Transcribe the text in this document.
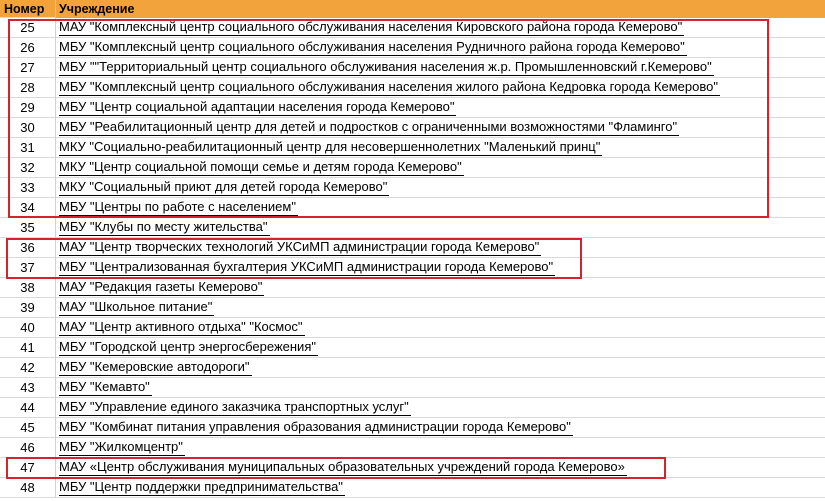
Номер	Учреждение
25	МАУ "Комплексный центр социального обслуживания населения Кировского района города Кемерово"
26	МБУ "Комплексный центр социального обслуживания населения Рудничного района города Кемерово"
27	МБУ ""Территориальный центр социального обслуживания населения ж.р. Промышленновский г.Кемерово"
28	МБУ "Комплексный центр социального обслуживания населения жилого района Кедровка города Кемерово"
29	МБУ "Центр социальной адаптации населения города Кемерово"
30	МБУ "Реабилитационный центр для детей и подростков с ограниченными возможностями "Фламинго"
31	МКУ "Социально-реабилитационный центр для несовершеннолетних "Маленький принц"
32	МКУ "Центр социальной помощи семье и детям города Кемерово"
33	МКУ "Социальный приют для детей города Кемерово"
34	МБУ "Центры по работе с населением"
35	МБУ "Клубы по месту жительства"
36	МАУ "Центр творческих технологий УКСиМП администрации города Кемерово"
37	МБУ "Централизованная бухгалтерия УКСиМП администрации города Кемерово"
38	МАУ "Редакция газеты Кемерово"
39	МАУ "Школьное питание"
40	МАУ "Центр активного отдыха" "Космос"
41	МБУ "Городской центр энергосбережения"
42	МБУ "Кемеровские автодороги"
43	МБУ "Кемавто"
44	МБУ "Управление единого заказчика транспортных услуг"
45	МБУ "Комбинат питания управления образования администрации города Кемерово"
46	МБУ "Жилкомцентр"
47	МАУ «Центр обслуживания муниципальных образовательных учреждений города Кемерово»
48	МБУ "Центр поддержки предпринимательства"
